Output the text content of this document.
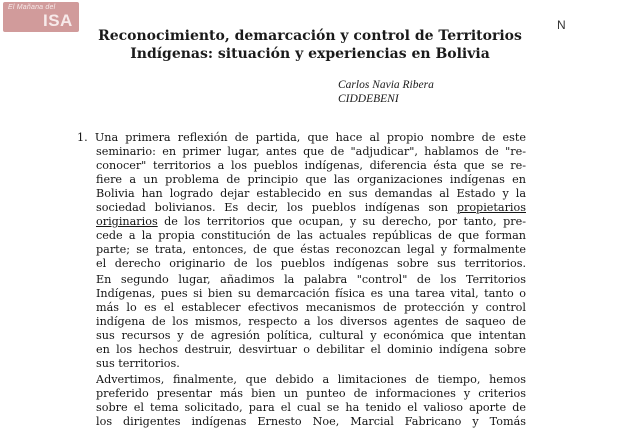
El Mañana del
ISA	N
Reconocimiento, demarcación y control de Territorios
Indígenas: situación y experiencias en Bolivia
Carlos Navia Ribera
CIDDEBENI
1. Una primera reflexión de partida, que hace al propio nombre de este
seminario: en primer lugar, antes que de "adjudicar", hablamos de "re-
conocer" territorios a los pueblos indígenas, diferencia ésta que se re-
fiere a un problema de principio que las organizaciones indígenas en
Bolivia han logrado dejar establecido en sus demandas al Estado y la
sociedad bolivianos. Es decir, los pueblos indígenas son propietarios
originarios de los territorios que ocupan, y su derecho, por tanto, pre-
cede a la propia constitución de las actuales repúblicas de que forman
parte; se trata, entonces, de que éstas reconozcan legal y formalmente
el derecho originario de los pueblos indígenas sobre sus territorios.
En segundo lugar, añadimos la palabra "control" de los Territorios
Indígenas, pues si bien su demarcación física es una tarea vital, tanto o
más lo es el establecer efectivos mecanismos de protección y control
indígena de los mismos, respecto a los diversos agentes de saqueo de
sus recursos y de agresión política, cultural y económica que intentan
en los hechos destruir, desvirtuar o debilitar el dominio indígena sobre
sus territorios.
Advertimos, finalmente, que debido a limitaciones de tiempo, hemos
preferido presentar más bien un punteo de informaciones y criterios
sobre el tema solicitado, para el cual se ha tenido el valioso aporte de
los dirigentes indígenas Ernesto Noe, Marcial Fabricano y Tomás
